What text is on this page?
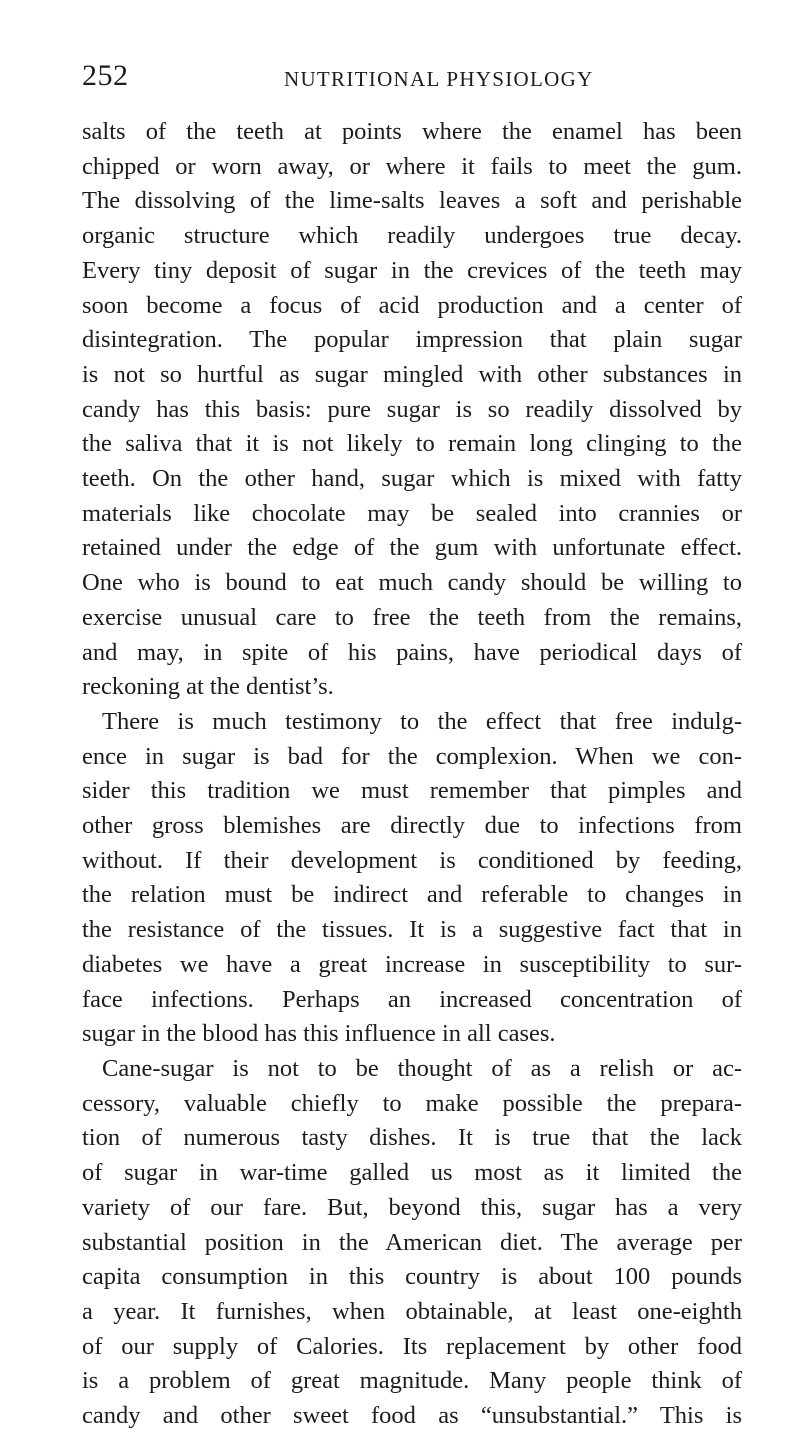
252	NUTRITIONAL PHYSIOLOGY
salts of the teeth at points where the enamel has been
chipped or worn away, or where it fails to meet the gum.
The dissolving of the lime-salts leaves a soft and perishable
organic structure which readily undergoes true decay.
Every tiny deposit of sugar in the crevices of the teeth may
soon become a focus of acid production and a center of
disintegration. The popular impression that plain sugar
is not so hurtful as sugar mingled with other substances in
candy has this basis: pure sugar is so readily dissolved by
the saliva that it is not likely to remain long clinging to the
teeth. On the other hand, sugar which is mixed with fatty
materials like chocolate may be sealed into crannies or
retained under the edge of the gum with unfortunate effect.
One who is bound to eat much candy should be willing to
exercise unusual care to free the teeth from the remains,
and may, in spite of his pains, have periodical days of
reckoning at the dentist’s.
There is much testimony to the effect that free indulg-
ence in sugar is bad for the complexion. When we con-
sider this tradition we must remember that pimples and
other gross blemishes are directly due to infections from
without. If their development is conditioned by feeding,
the relation must be indirect and referable to changes in
the resistance of the tissues. It is a suggestive fact that in
diabetes we have a great increase in susceptibility to sur-
face infections. Perhaps an increased concentration of
sugar in the blood has this influence in all cases.
Cane-sugar is not to be thought of as a relish or ac-
cessory, valuable chiefly to make possible the prepara-
tion of numerous tasty dishes. It is true that the lack
of sugar in war-time galled us most as it limited the
variety of our fare. But, beyond this, sugar has a very
substantial position in the American diet. The average per
capita consumption in this country is about 100 pounds
a year. It furnishes, when obtainable, at least one-eighth
of our supply of Calories. Its replacement by other food
is a problem of great magnitude. Many people think of
candy and other sweet food as “unsubstantial.” This is
